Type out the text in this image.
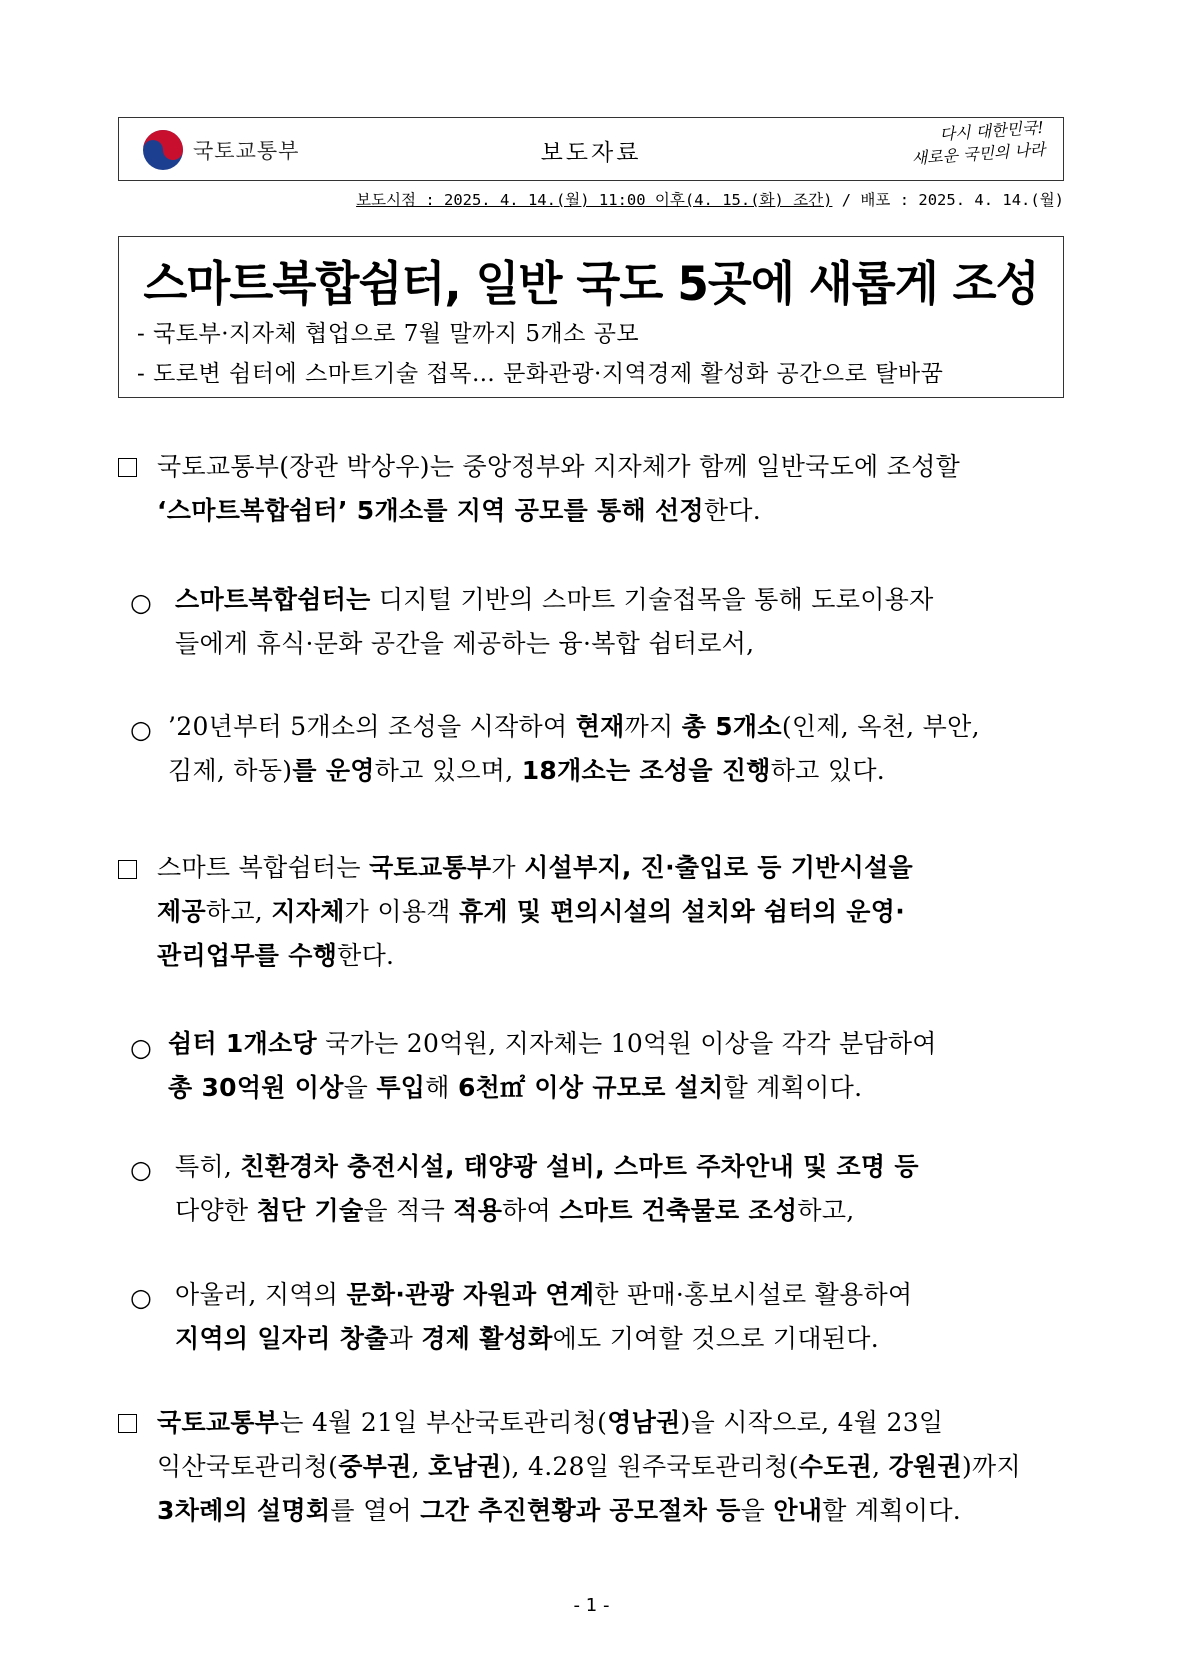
국토교통부	보도자료
다시 대한민국!
새로운 국민의 나라
보도시점 : 2025. 4. 14.(월) 11:00 이후(4. 15.(화) 조간) / 배포 : 2025. 4. 14.(월)
스마트복합쉼터, 일반 국도 5곳에 새롭게 조성
- 국토부·지자체 협업으로 7월 말까지 5개소 공모
- 도로변 쉼터에 스마트기술 접목… 문화관광·지역경제 활성화 공간으로 탈바꿈
국토교통부(장관 박상우)는 중앙정부와 지자체가 함께 일반국도에 조성할
‘스마트복합쉼터’ 5개소를 지역 공모를 통해 선정한다.
○ 스마트복합쉼터는 디지털 기반의 스마트 기술접목을 통해 도로이용자
들에게 휴식·문화 공간을 제공하는 융·복합 쉼터로서,
○ ’20년부터 5개소의 조성을 시작하여 현재까지 총 5개소(인제, 옥천, 부안,
김제, 하동)를 운영하고 있으며, 18개소는 조성을 진행하고 있다.
스마트 복합쉼터는 국토교통부가 시설부지, 진·출입로 등 기반시설을
제공하고, 지자체가 이용객 휴게 및 편의시설의 설치와 쉼터의 운영·
관리업무를 수행한다.
○ 쉼터 1개소당 국가는 20억원, 지자체는 10억원 이상을 각각 분담하여
총 30억원 이상을 투입해 6천㎡ 이상 규모로 설치할 계획이다.
○ 특히, 친환경차 충전시설, 태양광 설비, 스마트 주차안내 및 조명 등
다양한 첨단 기술을 적극 적용하여 스마트 건축물로 조성하고,
○ 아울러, 지역의 문화·관광 자원과 연계한 판매·홍보시설로 활용하여
지역의 일자리 창출과 경제 활성화에도 기여할 것으로 기대된다.
국토교통부는 4월 21일 부산국토관리청(영남권)을 시작으로, 4월 23일
익산국토관리청(중부권, 호남권), 4.28일 원주국토관리청(수도권, 강원권)까지
3차례의 설명회를 열어 그간 추진현황과 공모절차 등을 안내할 계획이다.
- 1 -
